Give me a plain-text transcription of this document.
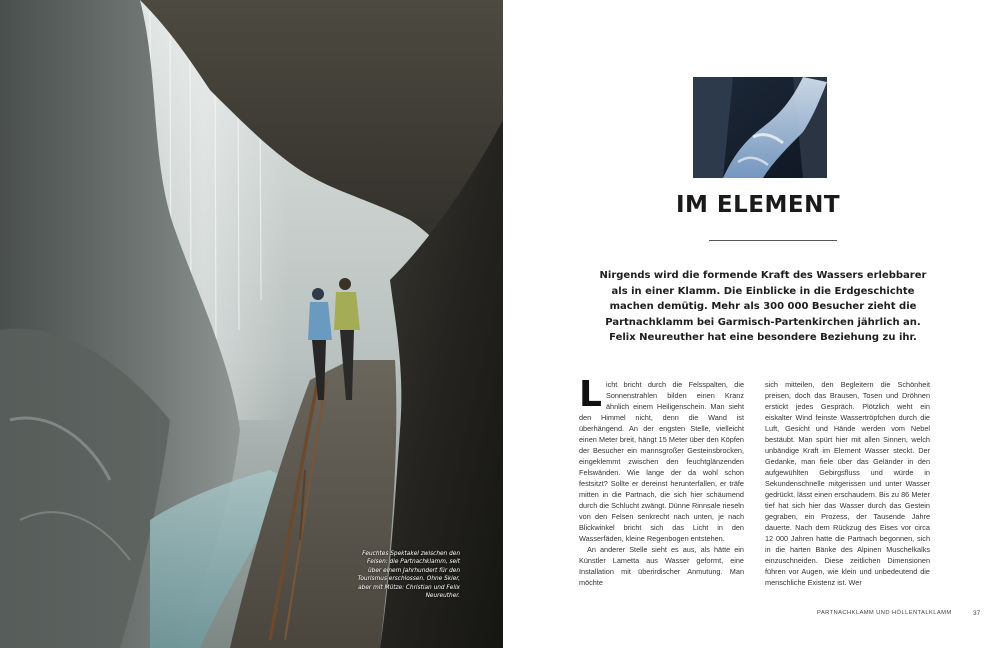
Feuchtes Spektakel zwischen den Felsen: die Partnachklamm, seit über einem Jahrhundert für den Tourismus erschlossen. Ohne Skier, aber mit Mütze: Christian und Felix Neureuther.
IM ELEMENT

Nirgends wird die formende Kraft des Wassers erlebbarer als in einer Klamm. Die Einblicke in die Erdgeschichte machen demütig. Mehr als 300 000 Besucher zieht die Partnachklamm bei Garmisch-Partenkirchen jährlich an. Felix Neureuther hat eine besondere Beziehung zu ihr.

L icht bricht durch die Felsspalten, die Sonnenstrahlen bilden einen Kranz ähnlich einem Heiligenschein. Man sieht den Himmel nicht, denn die Wand ist überhängend. An der engsten Stelle, vielleicht einen Meter breit, hängt 15 Meter über den Köpfen der Besucher ein mannsgroßer Gesteinsbrocken, eingeklemmt zwischen den feuchtglänzenden Felswänden. Wie lange der da wohl schon festsitzt? Sollte er dereinst herunterfallen, er träfe mitten in die Partnach, die sich hier schäumend durch die Schlucht zwängt. Dünne Rinnsale rieseln von den Felsen senkrecht nach unten, je nach Blickwinkel bricht sich das Licht in den Wasserfäden, kleine Regenbogen entstehen.

An anderer Stelle sieht es aus, als hätte ein Künstler Lametta aus Wasser geformt, eine Installation mit überirdischer Anmutung. Man möchte

sich mitteilen, den Begleitern die Schönheit preisen, doch das Brausen, Tosen und Dröhnen erstickt jedes Gespräch. Plötzlich weht ein eiskalter Wind feinste Wassertröpfchen durch die Luft, Gesicht und Hände werden vom Nebel bestäubt. Man spürt hier mit allen Sinnen, welch unbändige Kraft im Element Wasser steckt. Der Gedanke, man fiele über das Geländer in den aufgewühlten Gebirgsfluss und würde in Sekundenschnelle mitgerissen und unter Wasser gedrückt, lässt einen erschaudern. Bis zu 86 Meter tief hat sich hier das Wasser durch das Gestein gegraben, ein Prozess, der Tausende Jahre dauerte. Nach dem Rückzug des Eises vor circa 12 000 Jahren hatte die Partnach begonnen, sich in die harten Bänke des Alpinen Muschelkalks einzuschneiden. Diese zeitlichen Dimensionen führen vor Augen, wie klein und unbedeutend die menschliche Existenz ist. Wer

PARTNACHKLAMM UND HÖLLENTALKLAMM	37
